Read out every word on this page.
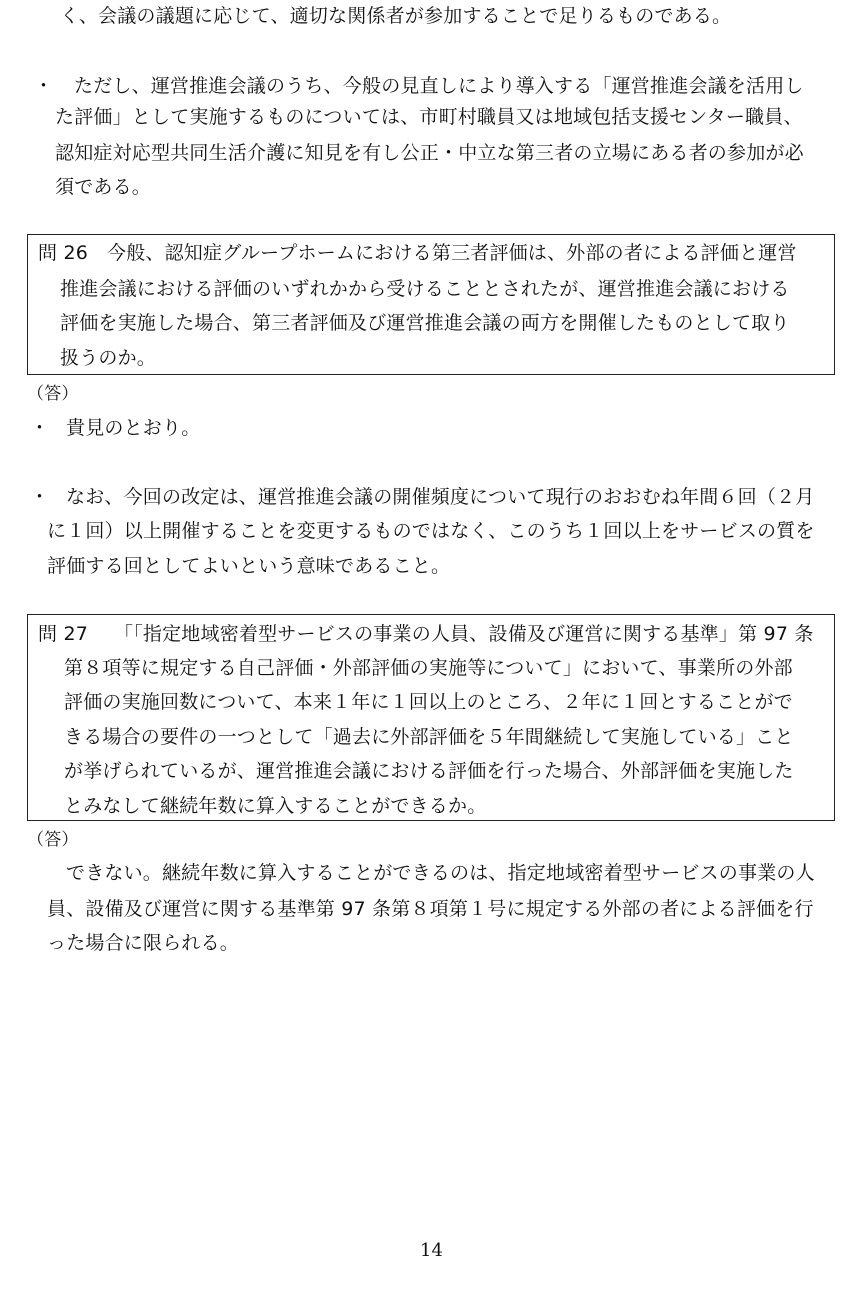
く、会議の議題に応じて、適切な関係者が参加することで足りるものである。
・ ただし、運営推進会議のうち、今般の見直しにより導入する「運営推進会議を活用し
た評価」として実施するものについては、市町村職員又は地域包括支援センター職員、
認知症対応型共同生活介護に知見を有し公正・中立な第三者の立場にある者の参加が必
須である。
問 26 今般、認知症グループホームにおける第三者評価は、外部の者による評価と運営
推進会議における評価のいずれかから受けることとされたが、運営推進会議における
評価を実施した場合、第三者評価及び運営推進会議の両方を開催したものとして取り
扱うのか。
（答）
・ 貴見のとおり。
・ なお、今回の改定は、運営推進会議の開催頻度について現行のおおむね年間６回（２月
に１回）以上開催することを変更するものではなく、このうち１回以上をサービスの質を
評価する回としてよいという意味であること。
問 27 「「指定地域密着型サービスの事業の人員、設備及び運営に関する基準」第 97 条
第８項等に規定する自己評価・外部評価の実施等について」において、事業所の外部
評価の実施回数について、本来１年に１回以上のところ、２年に１回とすることがで
きる場合の要件の一つとして「過去に外部評価を５年間継続して実施している」こと
が挙げられているが、運営推進会議における評価を行った場合、外部評価を実施した
とみなして継続年数に算入することができるか。
（答）
できない。継続年数に算入することができるのは、指定地域密着型サービスの事業の人
員、設備及び運営に関する基準第 97 条第８項第１号に規定する外部の者による評価を行
った場合に限られる。
14
